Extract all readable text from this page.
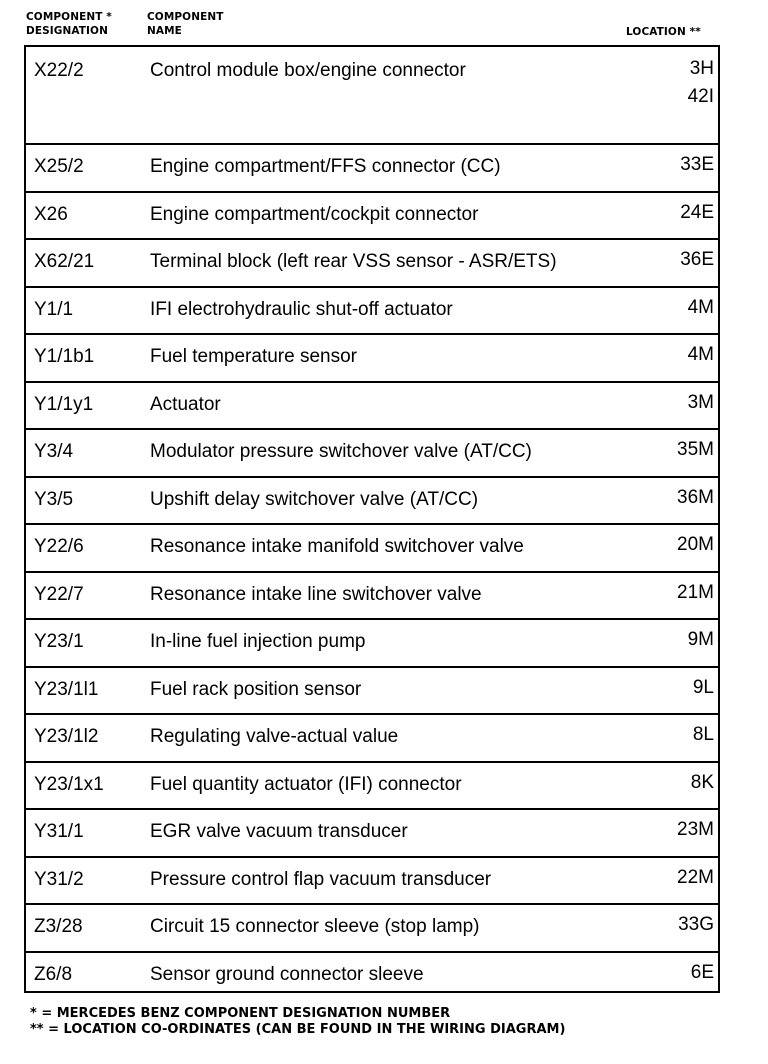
COMPONENT *
DESIGNATION
COMPONENT
NAME	LOCATION **
X22/2	Control module box/engine connector	3H
42I
X25/2	Engine compartment/FFS connector (CC)	33E
X26	Engine compartment/cockpit connector	24E
X62/21	Terminal block (left rear VSS sensor - ASR/ETS)	36E
Y1/1	IFI electrohydraulic shut-off actuator	4M
Y1/1b1	Fuel temperature sensor	4M
Y1/1y1	Actuator	3M
Y3/4	Modulator pressure switchover valve (AT/CC)	35M
Y3/5	Upshift delay switchover valve (AT/CC)	36M
Y22/6	Resonance intake manifold switchover valve	20M
Y22/7	Resonance intake line switchover valve	21M
Y23/1	In-line fuel injection pump	9M
Y23/1l1	Fuel rack position sensor	9L
Y23/1l2	Regulating valve-actual value	8L
Y23/1x1 Fuel quantity actuator (IFI) connector	8K
Y31/1	EGR valve vacuum transducer	23M
Y31/2	Pressure control flap vacuum transducer	22M
Z3/28	Circuit 15 connector sleeve (stop lamp)	33G
Z6/8	Sensor ground connector sleeve	6E
* = MERCEDES BENZ COMPONENT DESIGNATION NUMBER
** = LOCATION CO-ORDINATES (CAN BE FOUND IN THE WIRING DIAGRAM)
